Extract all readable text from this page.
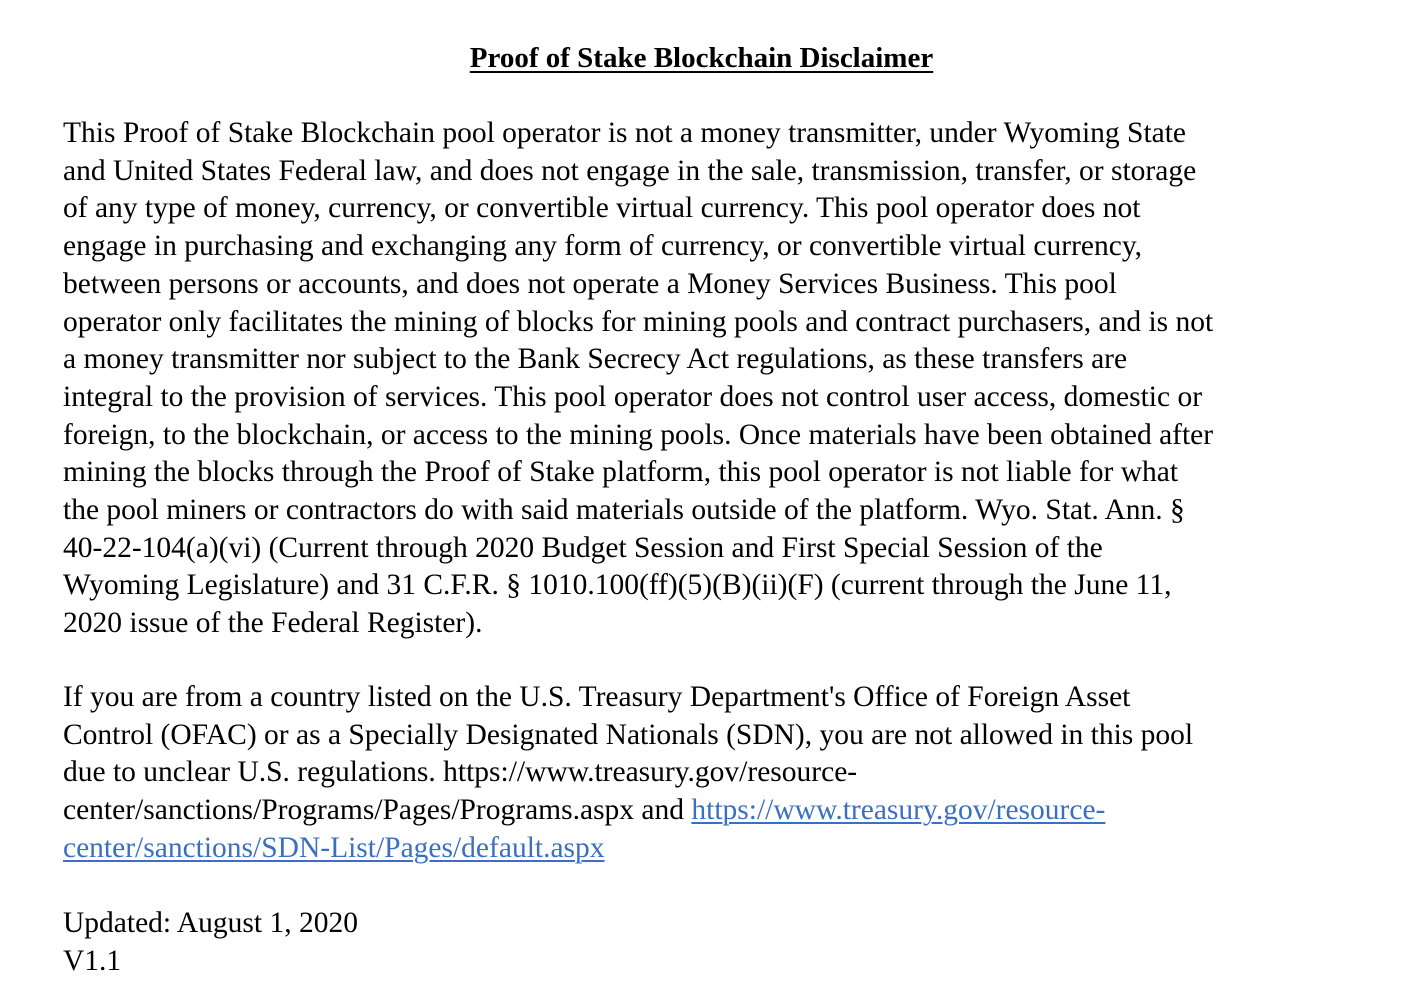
Proof of Stake Blockchain Disclaimer
This Proof of Stake Blockchain pool operator is not a money transmitter, under Wyoming State
and United States Federal law, and does not engage in the sale, transmission, transfer, or storage
of any type of money, currency, or convertible virtual currency. This pool operator does not
engage in purchasing and exchanging any form of currency, or convertible virtual currency,
between persons or accounts, and does not operate a Money Services Business. This pool
operator only facilitates the mining of blocks for mining pools and contract purchasers, and is not
a money transmitter nor subject to the Bank Secrecy Act regulations, as these transfers are
integral to the provision of services. This pool operator does not control user access, domestic or
foreign, to the blockchain, or access to the mining pools. Once materials have been obtained after
mining the blocks through the Proof of Stake platform, this pool operator is not liable for what
the pool miners or contractors do with said materials outside of the platform. Wyo. Stat. Ann. §
40-22-104(a)(vi) (Current through 2020 Budget Session and First Special Session of the
Wyoming Legislature) and 31 C.F.R. § 1010.100(ff)(5)(B)(ii)(F) (current through the June 11,
2020 issue of the Federal Register).
If you are from a country listed on the U.S. Treasury Department's Office of Foreign Asset
Control (OFAC) or as a Specially Designated Nationals (SDN), you are not allowed in this pool
due to unclear U.S. regulations. https://www.treasury.gov/resource-
center/sanctions/Programs/Pages/Programs.aspx and https://www.treasury.gov/resource-
center/sanctions/SDN-List/Pages/default.aspx
Updated: August 1, 2020
V1.1
